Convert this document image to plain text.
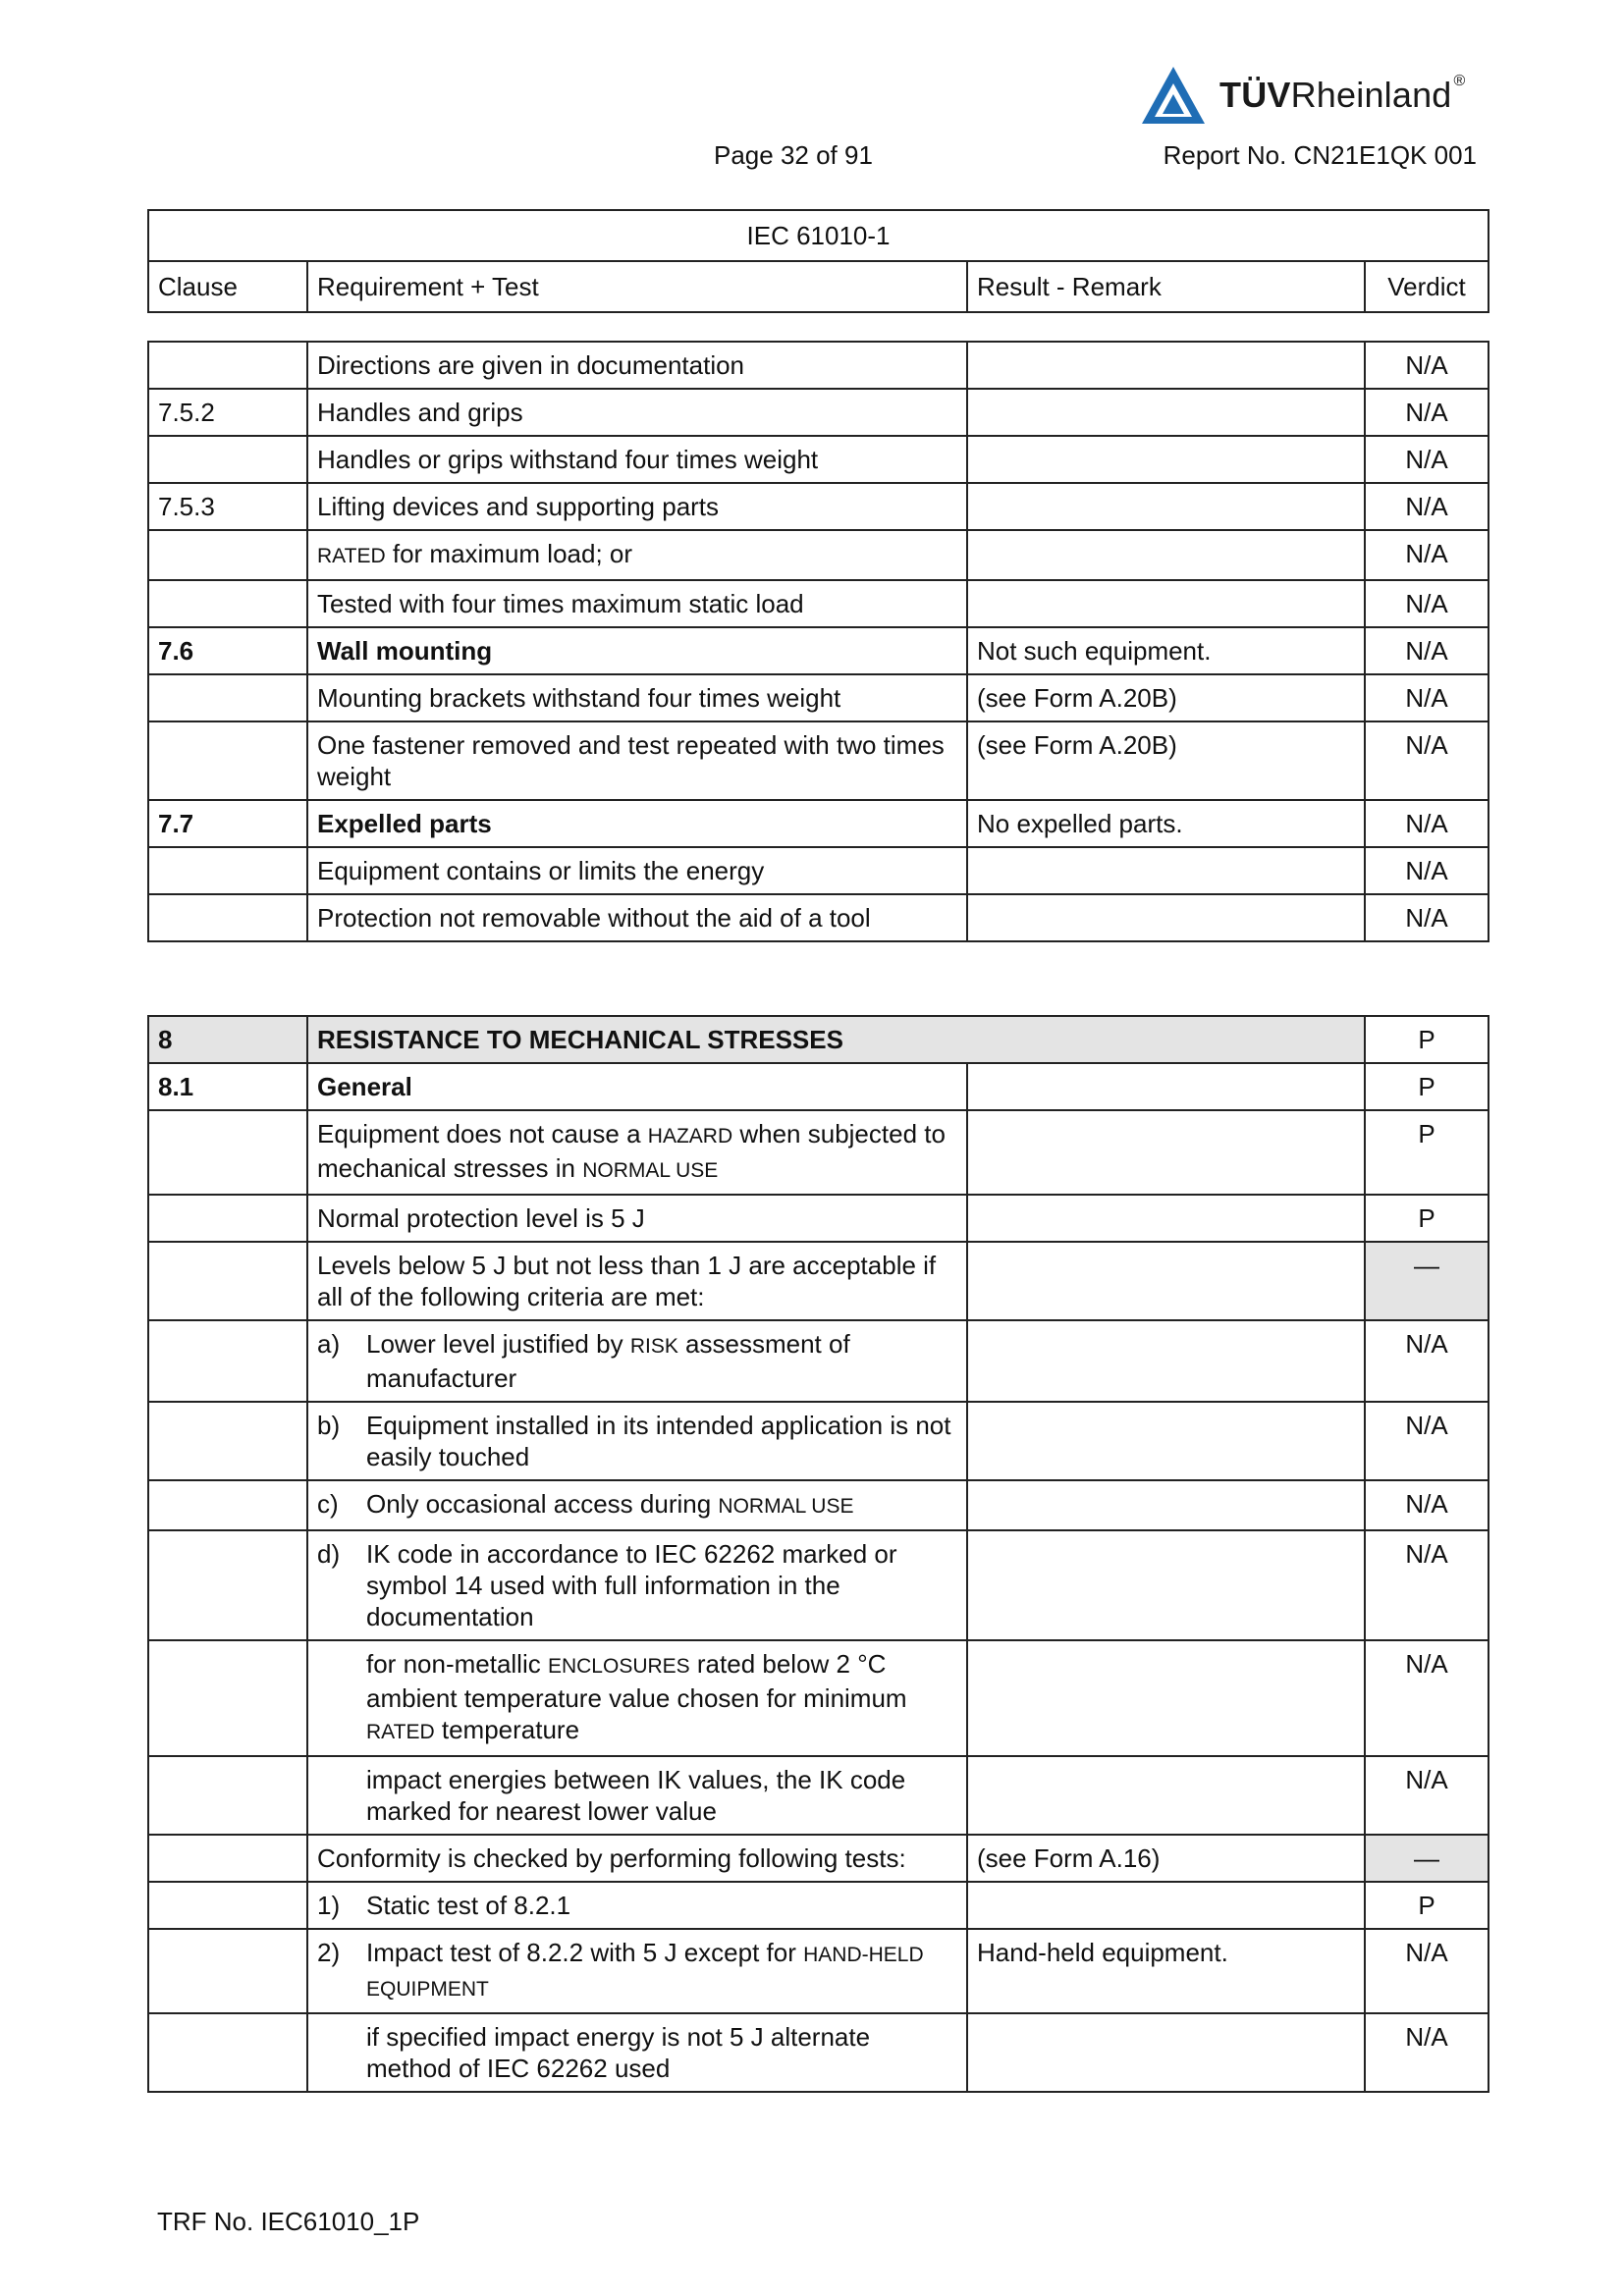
TÜVRheinland ®
Page 32 of 91	Report No. CN21E1QK 001
IEC 61010-1
Clause	Requirement + Test	Result - Remark	Verdict
	Directions are given in documentation		N/A
7.5.2	Handles and grips		N/A
	Handles or grips withstand four times weight		N/A
7.5.3	Lifting devices and supporting parts		N/A
	RATED for maximum load; or		N/A
	Tested with four times maximum static load		N/A
7.6	Wall mounting	Not such equipment.	N/A
	Mounting brackets withstand four times weight	(see Form A.20B)	N/A
	One fastener removed and test repeated with two times weight	(see Form A.20B)	N/A
7.7	Expelled parts	No expelled parts.	N/A
	Equipment contains or limits the energy		N/A
	Protection not removable without the aid of a tool		N/A
8	RESISTANCE TO MECHANICAL STRESSES		P
8.1	General		P
	Equipment does not cause a HAZARD when subjected to mechanical stresses in NORMAL USE		P
	Normal protection level is 5 J		P
	Levels below 5 J but not less than 1 J are acceptable if all of the following criteria are met:		—

	a) Lower level justified by RISK assessment of manufacturer		N/A

	b) Equipment installed in its intended application is not easily touched		N/A

	c) Only occasional access during NORMAL USE		N/A

	d) IK code in accordance to IEC 62262 marked or symbol 14 used with full information in the documentation		N/A

	for non-metallic ENCLOSURES rated below 2 °C ambient temperature value chosen for minimum RATED temperature		N/A

	impact energies between IK values, the IK code marked for nearest lower value		N/A
	Conformity is checked by performing following tests:	(see Form A.16)	—

	1) Static test of 8.2.1		P

	2) Impact test of 8.2.2 with 5 J except for HAND-HELD EQUIPMENT	Hand-held equipment.	N/A

	if specified impact energy is not 5 J alternate method of IEC 62262 used		N/A
TRF No. IEC61010_1P
